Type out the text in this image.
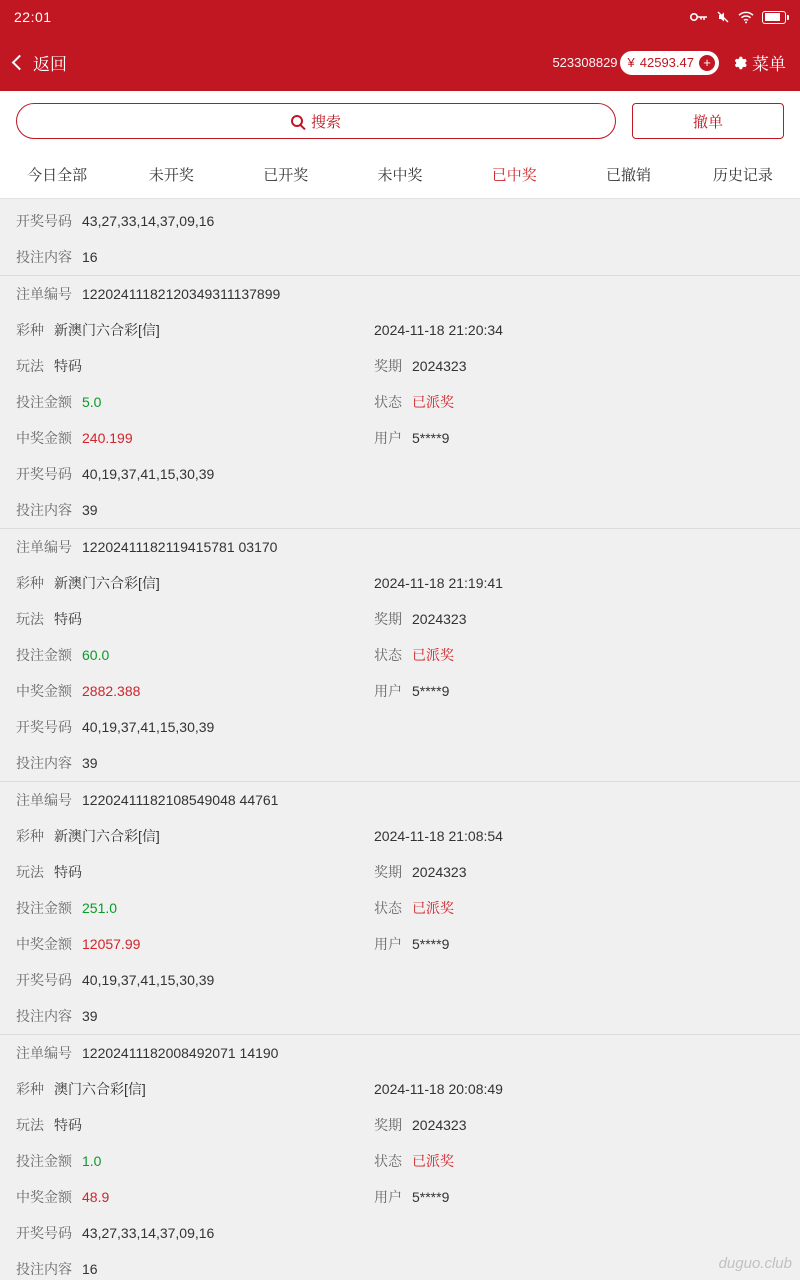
22:01
返回	523308829 ¥ 42593.47 + 菜单
搜索	撤单
今日全部	未开奖	已开奖	未中奖	已中奖	已撤销	历史记录
开奖号码 43,27,33,14,37,09,16
投注内容 16
注单编号 12202411182120349311137899
彩种 新澳门六合彩[信]	2024-11-18 21:20:34
玩法 特码	奖期 2024323
投注金额 5.0	状态 已派奖
中奖金额 240.199	用户 5****9
开奖号码 40,19,37,41,15,30,39
投注内容 39
注单编号 12202411182119415781 03170
彩种 新澳门六合彩[信]	2024-11-18 21:19:41
玩法 特码	奖期 2024323
投注金额 60.0	状态 已派奖
中奖金额 2882.388	用户 5****9
开奖号码 40,19,37,41,15,30,39
投注内容 39
注单编号 12202411182108549048 44761
彩种 新澳门六合彩[信]	2024-11-18 21:08:54
玩法 特码	奖期 2024323
投注金额 251.0	状态 已派奖
中奖金额 12057.99	用户 5****9
开奖号码 40,19,37,41,15,30,39
投注内容 39
注单编号 12202411182008492071 14190
彩种 澳门六合彩[信]	2024-11-18 20:08:49
玩法 特码	奖期 2024323
投注金额 1.0	状态 已派奖
中奖金额 48.9	用户 5****9
开奖号码 43,27,33,14,37,09,16
投注内容 16	duguo.club
